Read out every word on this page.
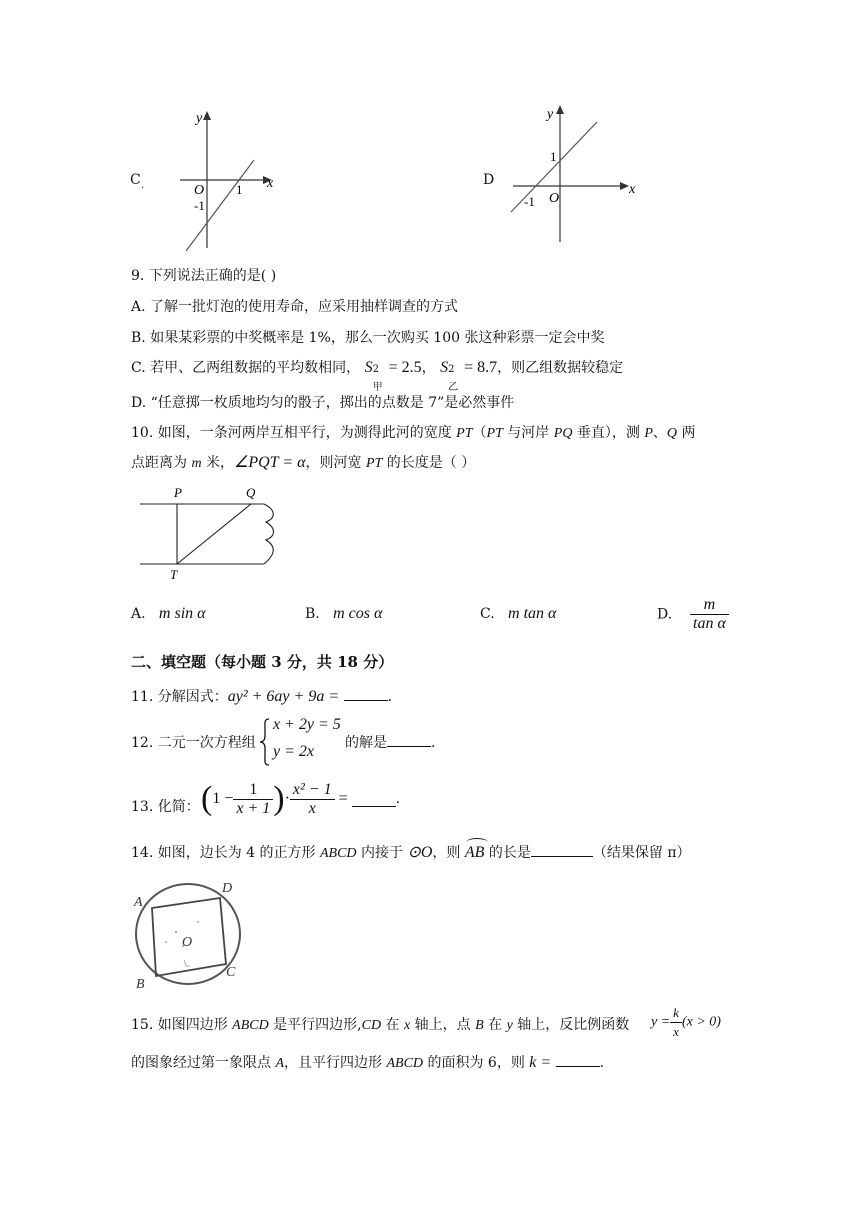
C .
y
x
O 1
-1
D
y
x
O
-1
1
9. 下列说法正确的是( )
A. 了解一批灯泡的使用寿命，应采用抽样调查的方式
B. 如果某彩票的中奖概率是 1%，那么一次购买 100 张这种彩票一定会中奖
C. 若甲、乙两组数据的平均数相同， S 2
甲
= 2.5， S 2
乙
= 8.7，则乙组数据较稳定
D. “任意掷一枚质地均匀的骰子，掷出的点数是 7”是必然事件
10. 如图，一条河两岸互相平行，为测得此河的宽度 PT（PT 与河岸 PQ 垂直），测 P、Q 两
点距离为 m 米，∠PQT = α，则河宽 PT 的长度是（ ）
P	Q
T
A. m sin α	B. m cos α	C. m tan α	D. $\frac{m}{\text{tan α}}$
二、填空题（每小题 3 分，共 18 分）
11. 分解因式：ay² + 6ay + 9a =	.
12. 二元一次方程组
x + 2y = 5
y = 2x 的解是	.
13. 化简： ($1 - \frac{1}{x + 1}$ )· $\frac{\text{x² − 1}}{x}$ =	.
14. 如图，边长为 4 的正方形 ABCD 内接于 ⊙O，则
AB 的长是	（结果保留 π）
A
D
B
C
O
15. 如图四边形 ABCD 是平行四边形,CD 在 x 轴上，点 B 在 y 轴上，反比例函数 $y = \frac{k}{x} (x > 0)$
的图象经过第一象限点 A，且平行四边形 ABCD 的面积为 6，则 k =	.
